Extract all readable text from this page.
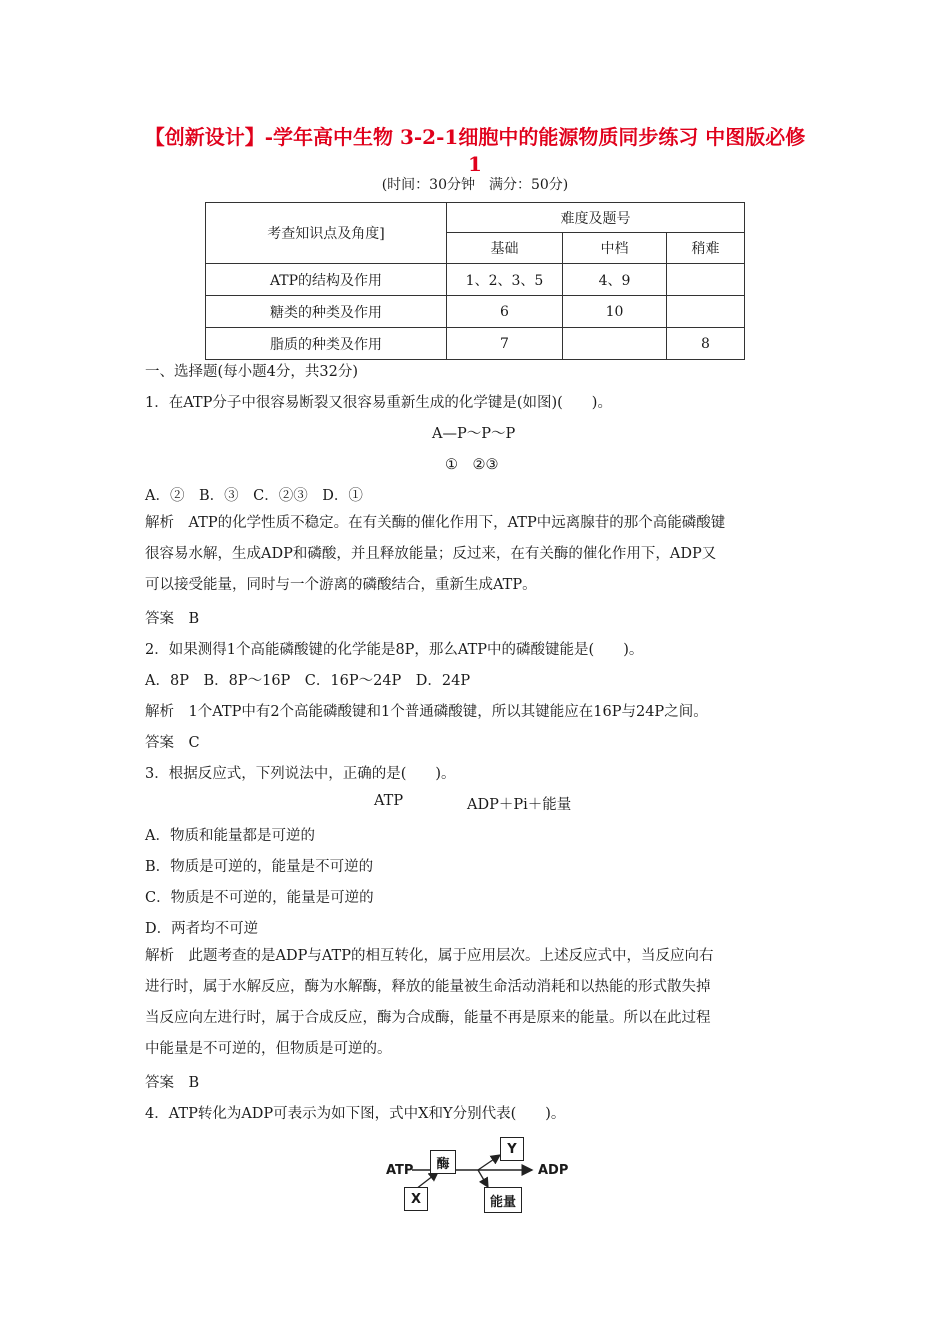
【创新设计】-学年高中生物 3-2-1细胞中的能源物质同步练习 中图版必修1
(时间：30分钟　满分：50分)
考查知识点及角度]	难度及题号		
	基础	中档	稍难
ATP的结构及作用	1、2、3、5	4、9	
糖类的种类及作用	6	10	
脂质的种类及作用	7		8
一、选择题(每小题4分，共32分)
1．在ATP分子中很容易断裂又很容易重新生成的化学键是(如图)(　　)。
A—P～P～P
①　②③
A．②　B．③　C．②③　D．①

解析　ATP的化学性质不稳定。在有关酶的催化作用下，ATP中远离腺苷的那个高能磷酸键

很容易水解，生成ADP和磷酸，并且释放能量；反过来，在有关酶的催化作用下，ADP又

可以接受能量，同时与一个游离的磷酸结合，重新生成ATP。

答案　B
2．如果测得1个高能磷酸键的化学能是8P，那么ATP中的磷酸键能是(　　)。
A．8P　B．8P～16P　C．16P～24P　D．24P
解析　1个ATP中有2个高能磷酸键和1个普通磷酸键，所以其键能应在16P与24P之间。
答案　C
3．根据反应式，下列说法中，正确的是(　　)。
ATP	ADP＋Pi＋能量
A．物质和能量都是可逆的
B．物质是可逆的，能量是不可逆的
C．物质是不可逆的，能量是可逆的
D．两者均不可逆

解析　此题考查的是ADP与ATP的相互转化，属于应用层次。上述反应式中，当反应向右

进行时，属于水解反应，酶为水解酶，释放的能量被生命活动消耗和以热能的形式散失掉

当反应向左进行时，属于合成反应，酶为合成酶，能量不再是原来的能量。所以在此过程

中能量是不可逆的，但物质是可逆的。

答案　B
4．ATP转化为ADP可表示为如下图，式中X和Y分别代表(　　)。
ATP	ADP
酶
X
Y
能量
